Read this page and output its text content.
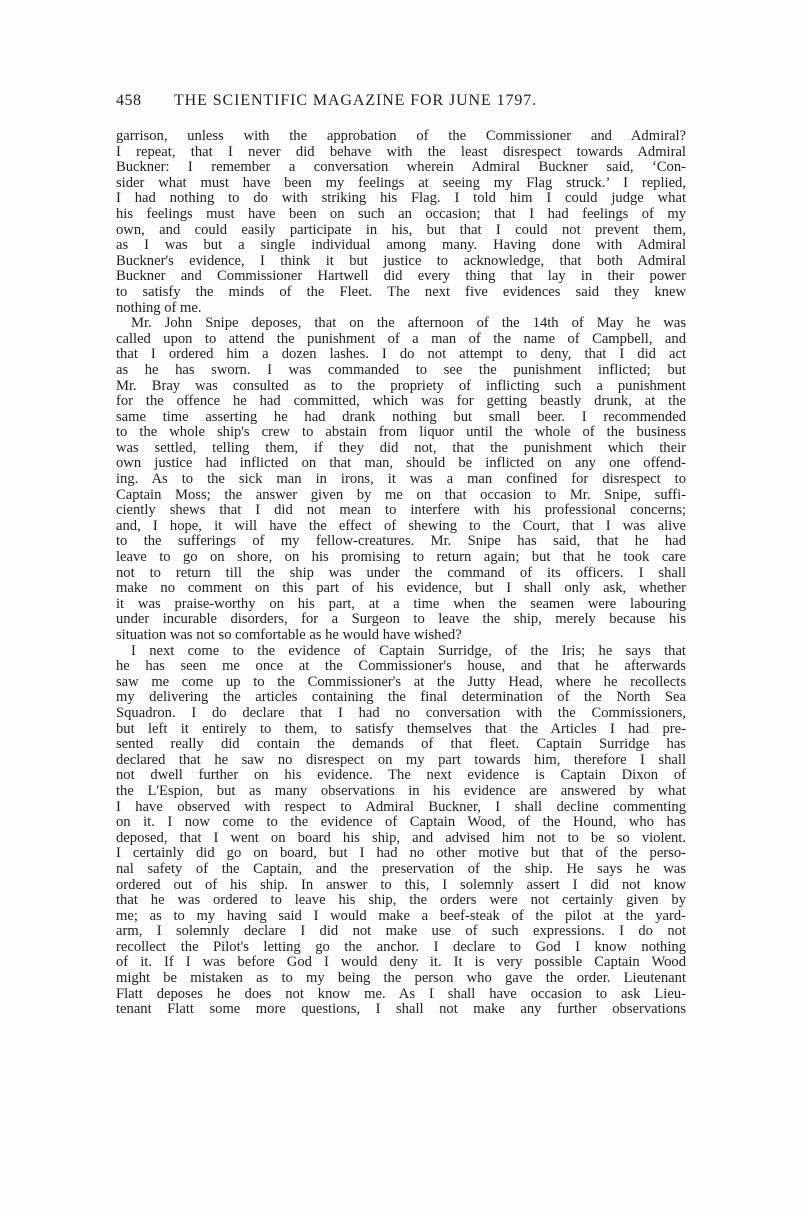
458 THE SCIENTIFIC MAGAZINE FOR JUNE 1797.

garrison, unless with the approbation of the Commissioner and Admiral?

I repeat, that I never did behave with the least disrespect towards Admiral

Buckner: I remember a conversation wherein Admiral Buckner said, ‘Con-

sider what must have been my feelings at seeing my Flag struck.’ I replied,

I had nothing to do with striking his Flag. I told him I could judge what

his feelings must have been on such an occasion; that I had feelings of my

own, and could easily participate in his, but that I could not prevent them,

as I was but a single individual among many. Having done with Admiral

Buckner's evidence, I think it but justice to acknowledge, that both Admiral

Buckner and Commissioner Hartwell did every thing that lay in their power

to satisfy the minds of the Fleet. The next five evidences said they knew

nothing of me.

Mr. John Snipe deposes, that on the afternoon of the 14th of May he was

called upon to attend the punishment of a man of the name of Campbell, and

that I ordered him a dozen lashes. I do not attempt to deny, that I did act

as he has sworn. I was commanded to see the punishment inflicted; but

Mr. Bray was consulted as to the propriety of inflicting such a punishment

for the offence he had committed, which was for getting beastly drunk, at the

same time asserting he had drank nothing but small beer. I recommended

to the whole ship's crew to abstain from liquor until the whole of the business

was settled, telling them, if they did not, that the punishment which their

own justice had inflicted on that man, should be inflicted on any one offend-

ing. As to the sick man in irons, it was a man confined for disrespect to

Captain Moss; the answer given by me on that occasion to Mr. Snipe, suffi-

ciently shews that I did not mean to interfere with his professional concerns;

and, I hope, it will have the effect of shewing to the Court, that I was alive

to the sufferings of my fellow-creatures. Mr. Snipe has said, that he had

leave to go on shore, on his promising to return again; but that he took care

not to return till the ship was under the command of its officers. I shall

make no comment on this part of his evidence, but I shall only ask, whether

it was praise-worthy on his part, at a time when the seamen were labouring

under incurable disorders, for a Surgeon to leave the ship, merely because his

situation was not so comfortable as he would have wished?

I next come to the evidence of Captain Surridge, of the Iris; he says that

he has seen me once at the Commissioner's house, and that he afterwards

saw me come up to the Commissioner's at the Jutty Head, where he recollects

my delivering the articles containing the final determination of the North Sea

Squadron. I do declare that I had no conversation with the Commissioners,

but left it entirely to them, to satisfy themselves that the Articles I had pre-

sented really did contain the demands of that fleet. Captain Surridge has

declared that he saw no disrespect on my part towards him, therefore I shall

not dwell further on his evidence. The next evidence is Captain Dixon of

the L'Espion, but as many observations in his evidence are answered by what

I have observed with respect to Admiral Buckner, I shall decline commenting

on it. I now come to the evidence of Captain Wood, of the Hound, who has

deposed, that I went on board his ship, and advised him not to be so violent.

I certainly did go on board, but I had no other motive but that of the perso-

nal safety of the Captain, and the preservation of the ship. He says he was

ordered out of his ship. In answer to this, I solemnly assert I did not know

that he was ordered to leave his ship, the orders were not certainly given by

me; as to my having said I would make a beef-steak of the pilot at the yard-

arm, I solemnly declare I did not make use of such expressions. I do not

recollect the Pilot's letting go the anchor. I declare to God I know nothing

of it. If I was before God I would deny it. It is very possible Captain Wood

might be mistaken as to my being the person who gave the order. Lieutenant

Flatt deposes he does not know me. As I shall have occasion to ask Lieu-

tenant Flatt some more questions, I shall not make any further observations
